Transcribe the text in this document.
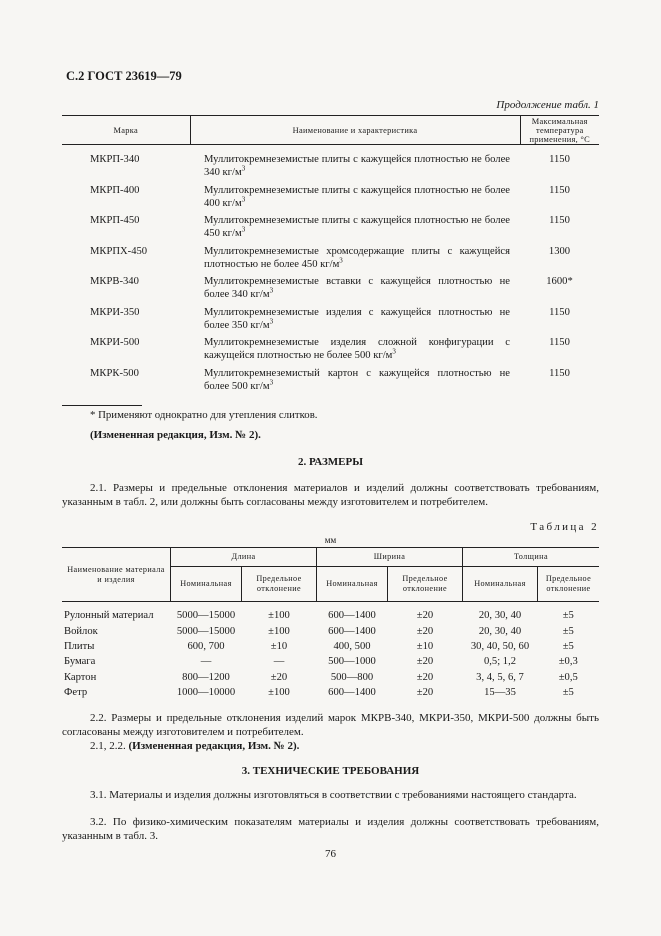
С.2 ГОСТ 23619—79
Продолжение табл. 1
Марка	Наименование и характеристика	Максимальная температура применения, °С
МКРП-340	Муллитокремнеземистые плиты с кажущейся плотностью не более 340 $кг/м^3$	1150
МКРП-400	Муллитокремнеземистые плиты с кажущейся плотностью не более 400 $кг/м^3$	1150
МКРП-450	Муллитокремнеземистые плиты с кажущейся плотностью не более 450 $кг/м^3$	1150
МКРПХ-450	Муллитокремнеземистые хромсодержащие плиты с кажущейся плотностью не более 450 $кг/м^3$	1300
МКРВ-340	Муллитокремнеземистые вставки с кажущейся плотностью не более 340 $кг/м^3$	1600*
МКРИ-350	Муллитокремнеземистые изделия с кажущейся плотностью не более 350 $кг/м^3$	1150
МКРИ-500	Муллитокремнеземистые изделия сложной конфигурации с кажущейся плотностью не более 500 $кг/м^3$	1150
МКРК-500	Муллитокремнеземистый картон с кажущейся плотностью не более 500 $кг/м^3$	1150
* Применяют однократно для утепления слитков.
(Измененная редакция, Изм. № 2).
2. РАЗМЕРЫ
2.1. Размеры и предельные отклонения материалов и изделий должны соответствовать требованиям, указанным в табл. 2, или должны быть согласованы между изготовителем и потребителем.
Таблица 2
мм
Наименование материала и изделия	Длина		Ширина		Толщина	
	Номинальная	Предельное отклонение	Номинальная	Предельное отклонение	Номинальная	Предельное отклонение
Рулонный материал	5000—15000	±100	600—1400	±20	20, 30, 40	±5
Войлок	5000—15000	±100	600—1400	±20	20, 30, 40	±5
Плиты	600, 700	±10	400, 500	±10	30, 40, 50, 60	±5
Бумага	—	—	500—1000	±20	0,5; 1,2	±0,3
Картон	800—1200	±20	500—800	±20	3, 4, 5, 6, 7	±0,5
Фетр	1000—10000	±100	600—1400	±20	15—35	±5
2.2. Размеры и предельные отклонения изделий марок МКРВ-340, МКРИ-350, МКРИ-500 должны быть согласованы между изготовителем и потребителем.
2.1, 2.2. (Измененная редакция, Изм. № 2).
3. ТЕХНИЧЕСКИЕ ТРЕБОВАНИЯ
3.1. Материалы и изделия должны изготовляться в соответствии с требованиями настоящего стандарта.
3.2. По физико-химическим показателям материалы и изделия должны соответствовать требованиям, указанным в табл. 3.
76
